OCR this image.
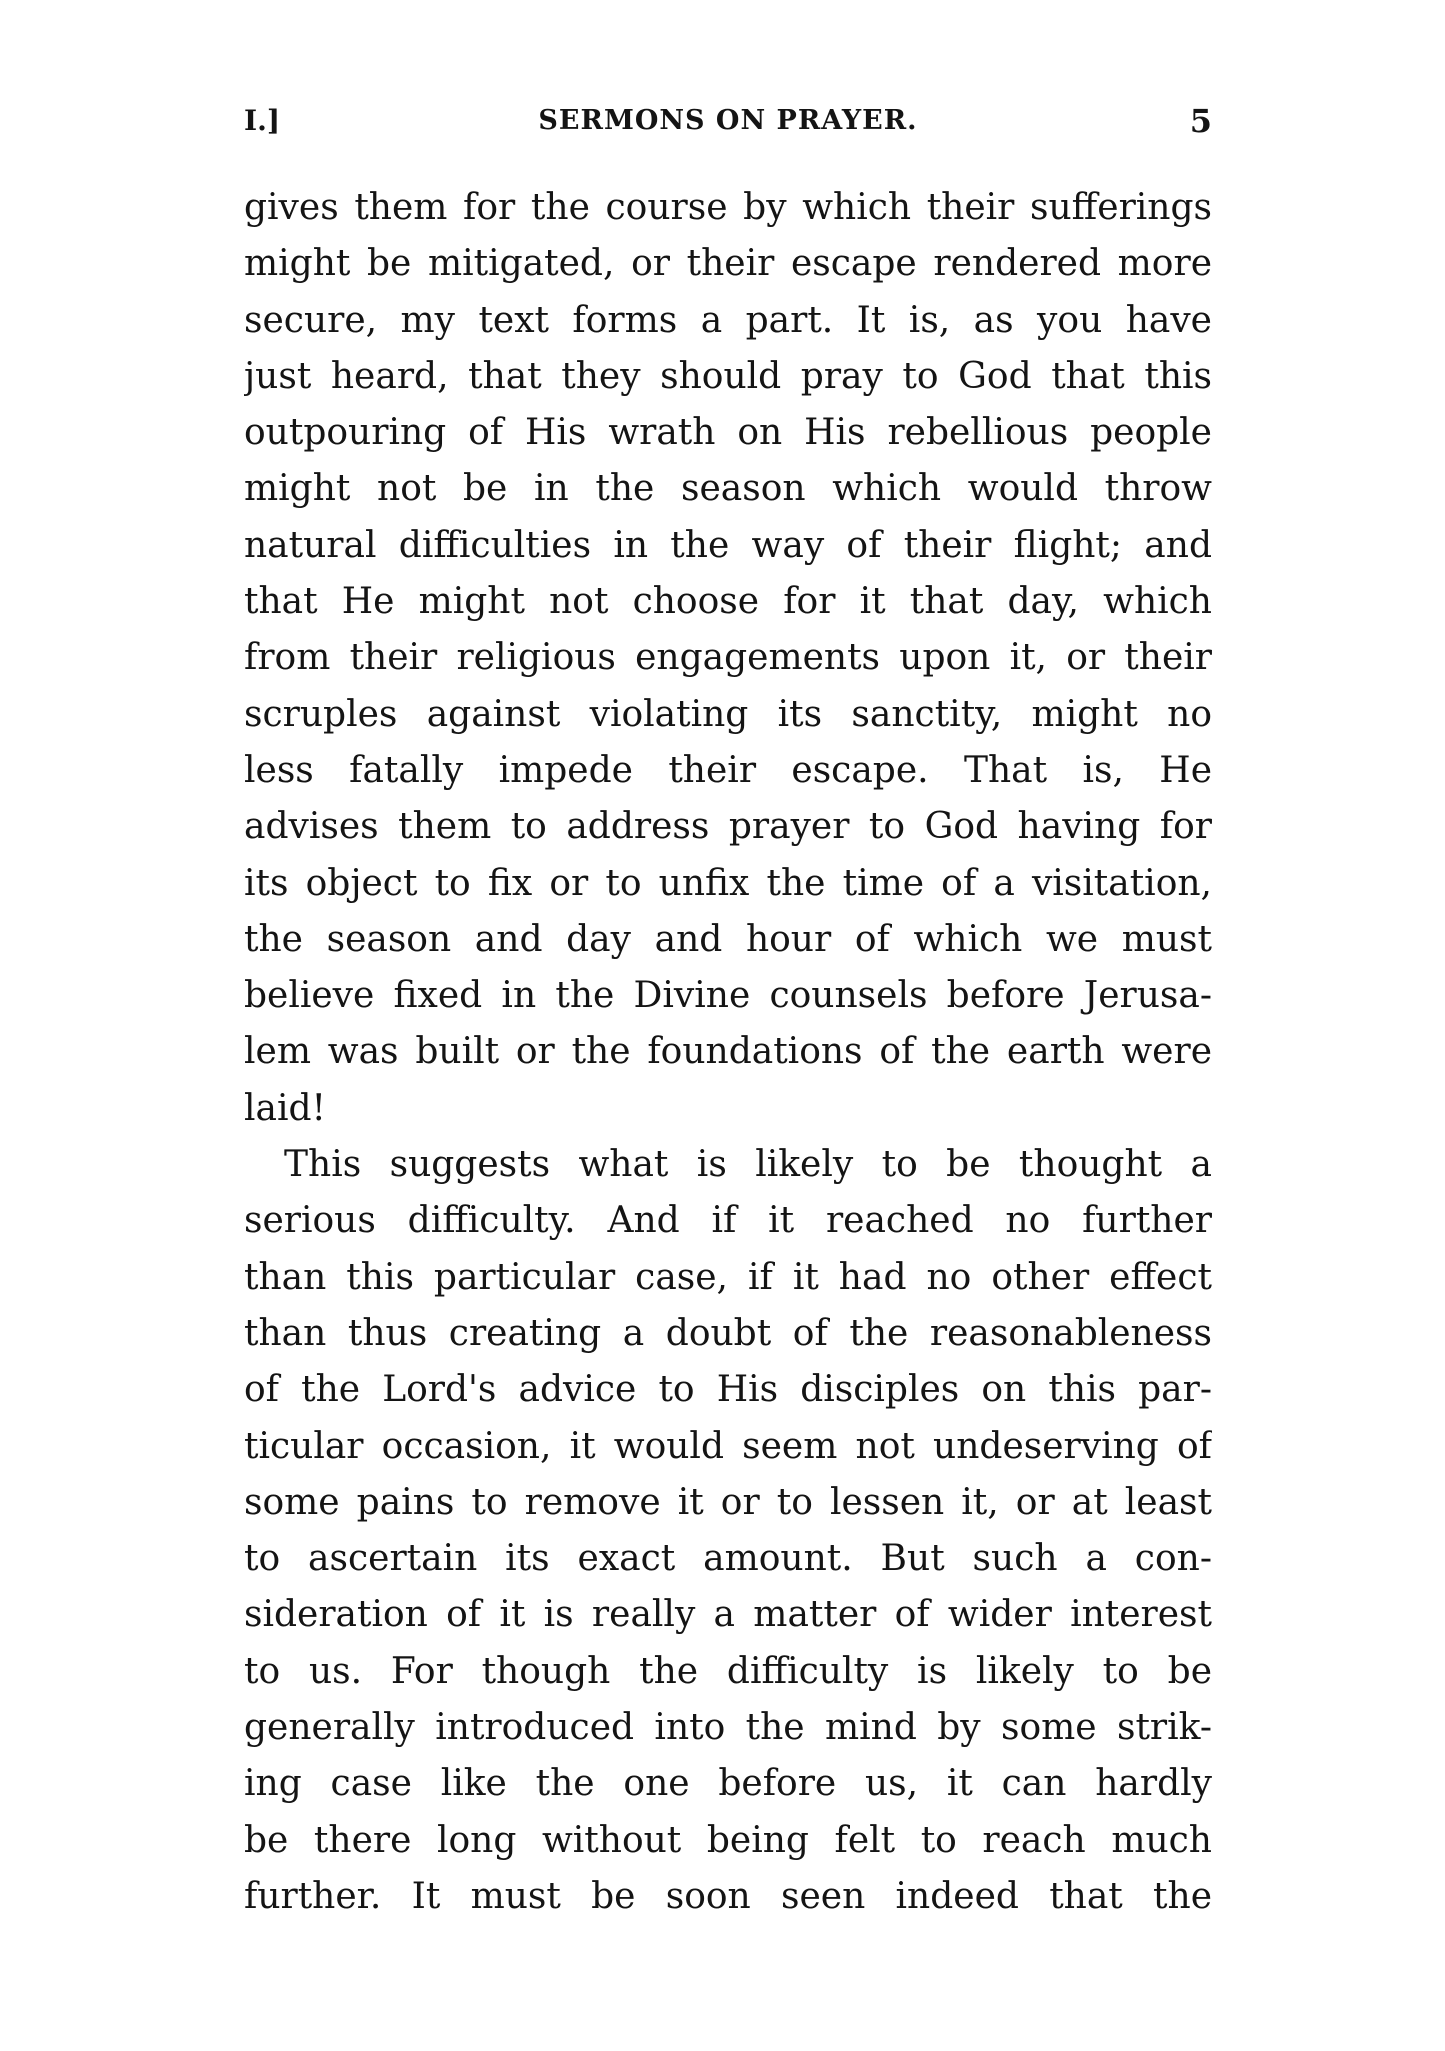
I.]	SERMONS ON PRAYER.	5
gives them for the course by which their sufferings
might be mitigated, or their escape rendered more
secure, my text forms a part. It is, as you have
just heard, that they should pray to God that this
outpouring of His wrath on His rebellious people
might not be in the season which would throw
natural difficulties in the way of their flight; and
that He might not choose for it that day, which
from their religious engagements upon it, or their
scruples against violating its sanctity, might no
less fatally impede their escape. That is, He
advises them to address prayer to God having for
its object to fix or to unfix the time of a visitation,
the season and day and hour of which we must
believe fixed in the Divine counsels before Jerusa-
lem was built or the foundations of the earth were
laid!
This suggests what is likely to be thought a
serious difficulty. And if it reached no further
than this particular case, if it had no other effect
than thus creating a doubt of the reasonableness
of the Lord's advice to His disciples on this par-
ticular occasion, it would seem not undeserving of
some pains to remove it or to lessen it, or at least
to ascertain its exact amount. But such a con-
sideration of it is really a matter of wider interest
to us. For though the difficulty is likely to be
generally introduced into the mind by some strik-
ing case like the one before us, it can hardly
be there long without being felt to reach much
further. It must be soon seen indeed that the
